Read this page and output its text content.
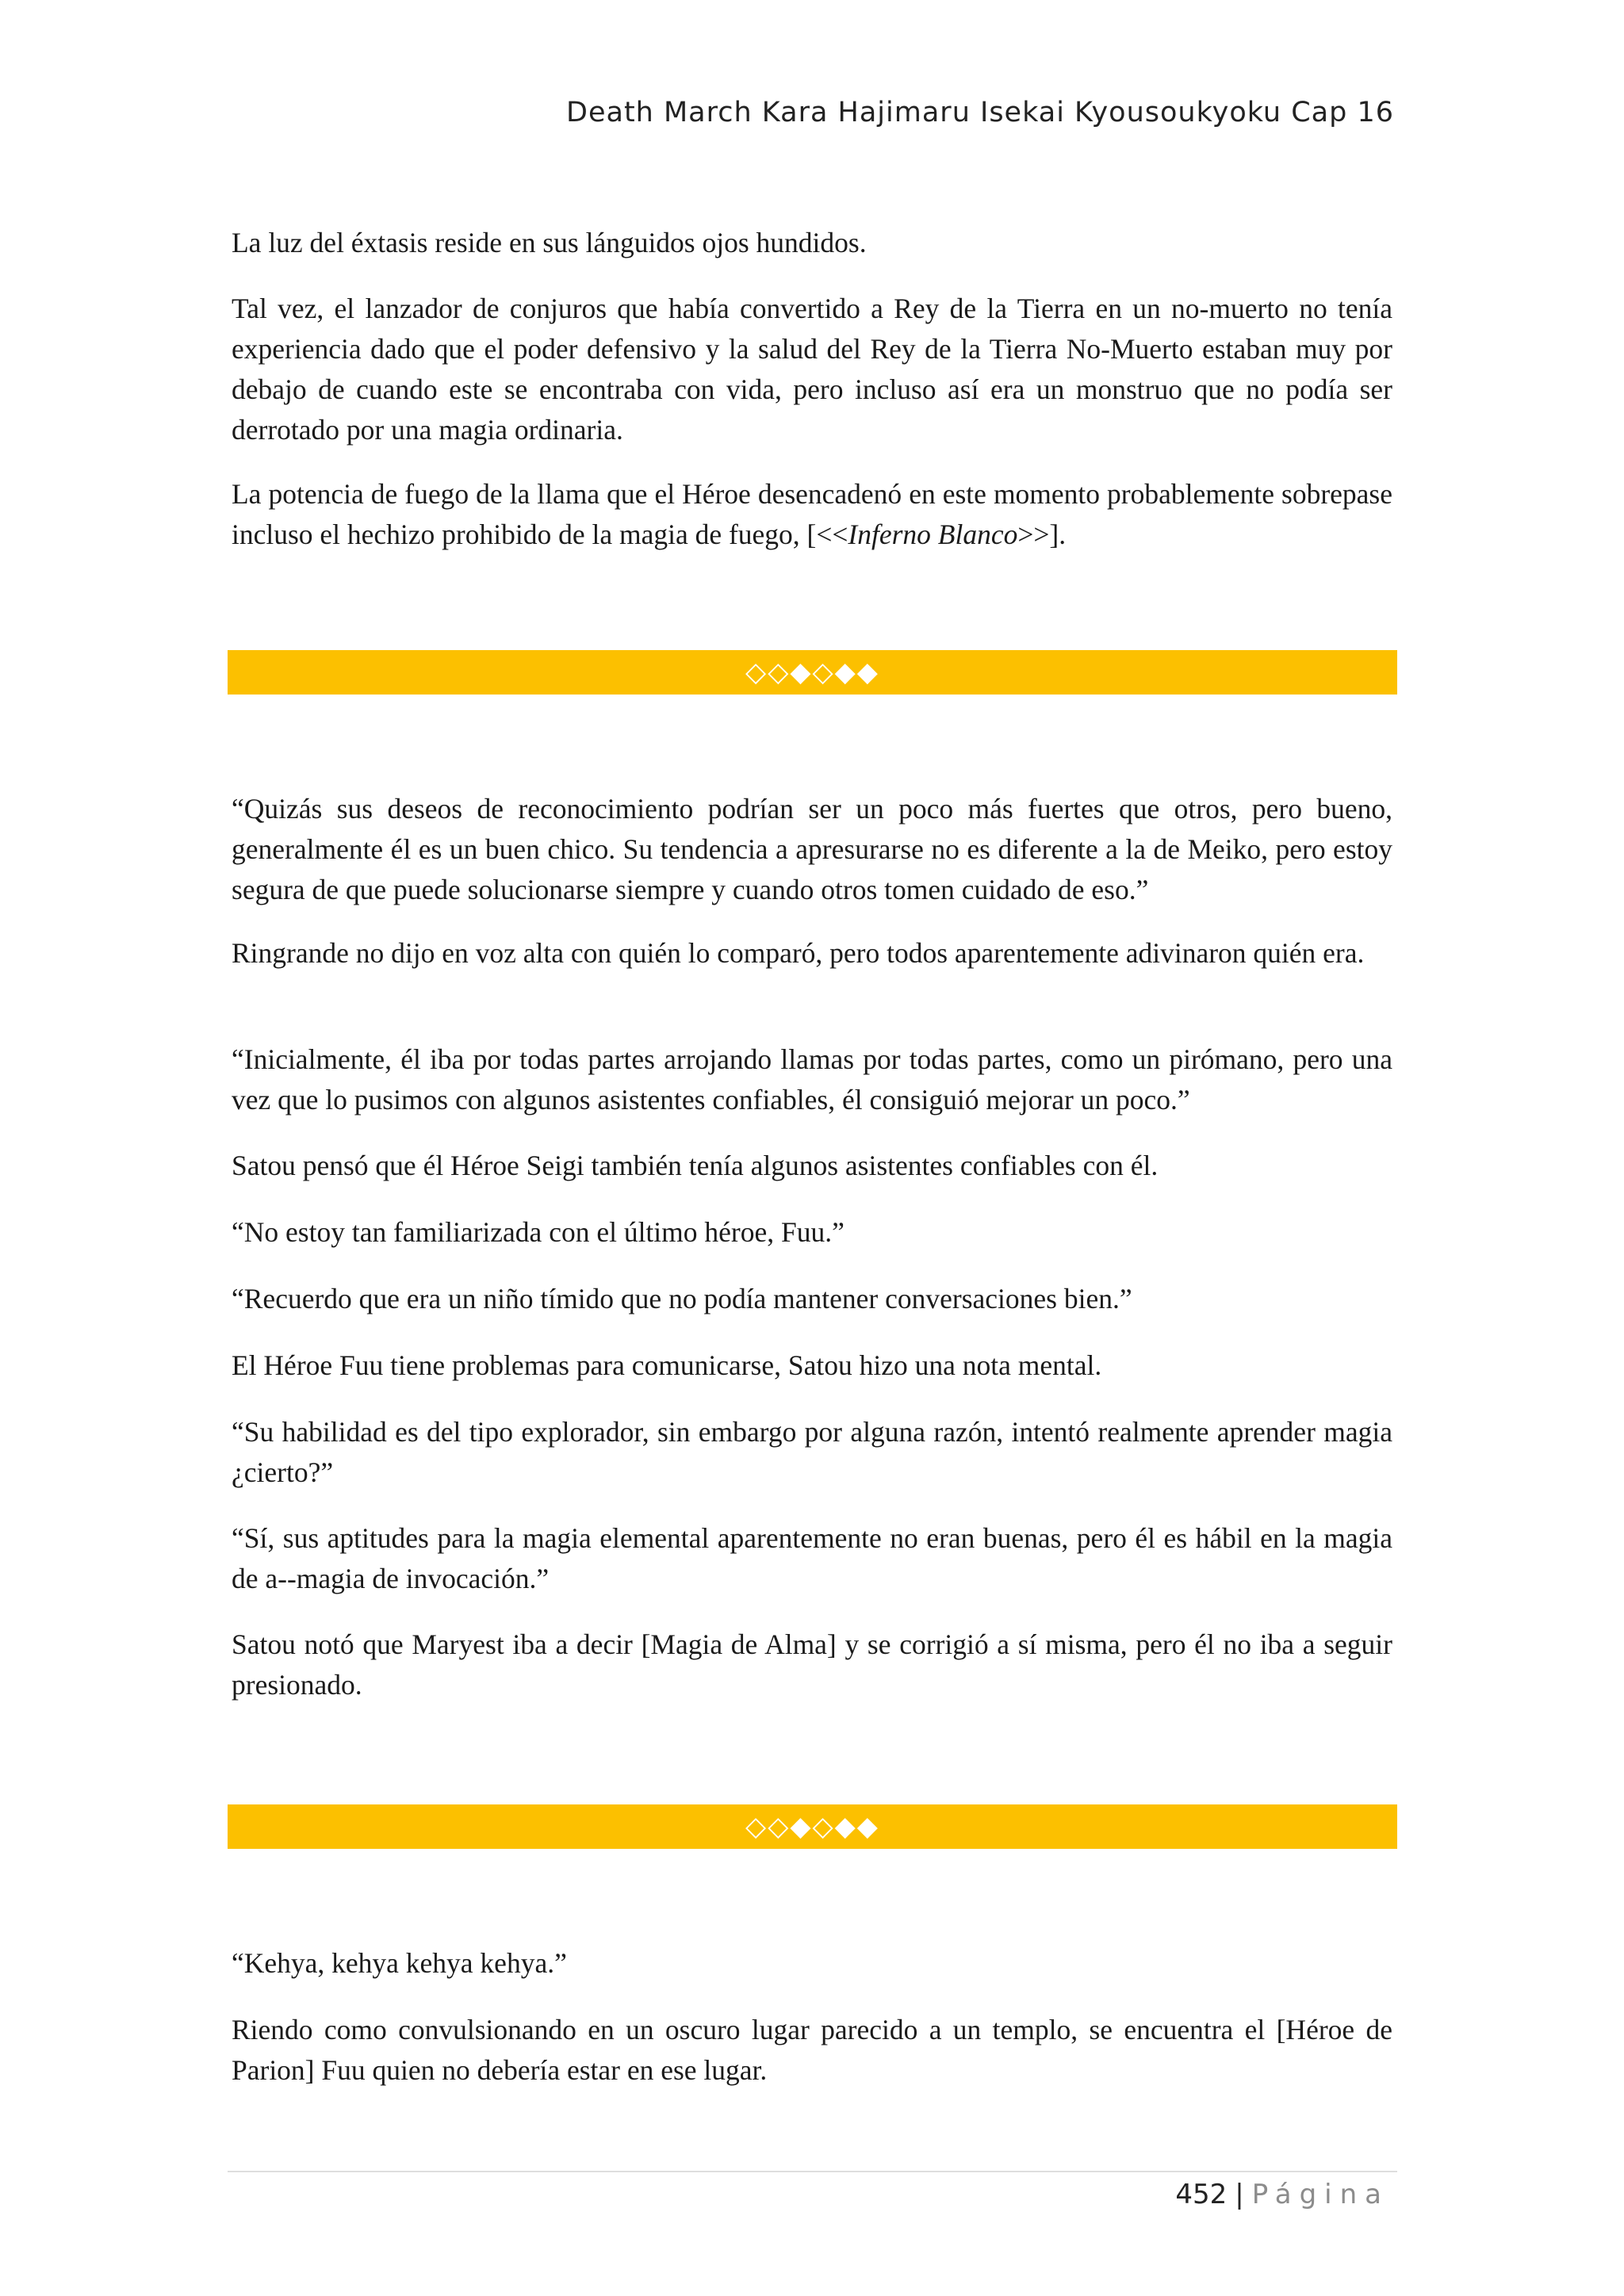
Death March Kara Hajimaru Isekai Kyousoukyoku Cap 16

La luz del éxtasis reside en sus lánguidos ojos hundidos.

Tal vez, el lanzador de conjuros que había convertido a Rey de la Tierra en un no-muerto no tenía experiencia dado que el poder defensivo y la salud del Rey de la Tierra No-Muerto estaban muy por debajo de cuando este se encontraba con vida, pero incluso así era un monstruo que no podía ser derrotado por una magia ordinaria.

La potencia de fuego de la llama que el Héroe desencadenó en este momento probablemente sobrepase incluso el hechizo prohibido de la magia de fuego, [<<Inferno Blanco>>].

◇◇◆◇◆◆

“Quizás sus deseos de reconocimiento podrían ser un poco más fuertes que otros, pero bueno, generalmente él es un buen chico. Su tendencia a apresurarse no es diferente a la de Meiko, pero estoy segura de que puede solucionarse siempre y cuando otros tomen cuidado de eso.”

Ringrande no dijo en voz alta con quién lo comparó, pero todos aparentemente adivinaron quién era.

“Inicialmente, él iba por todas partes arrojando llamas por todas partes, como un pirómano, pero una vez que lo pusimos con algunos asistentes confiables, él consiguió mejorar un poco.”

Satou pensó que él Héroe Seigi también tenía algunos asistentes confiables con él.

“No estoy tan familiarizada con el último héroe, Fuu.”

“Recuerdo que era un niño tímido que no podía mantener conversaciones bien.”

El Héroe Fuu tiene problemas para comunicarse, Satou hizo una nota mental.

“Su habilidad es del tipo explorador, sin embargo por alguna razón, intentó realmente aprender magia ¿cierto?”

“Sí, sus aptitudes para la magia elemental aparentemente no eran buenas, pero él es hábil en la magia de a--magia de invocación.”

Satou notó que Maryest iba a decir [Magia de Alma] y se corrigió a sí misma, pero él no iba a seguir presionado.

◇◇◆◇◆◆

“Kehya, kehya kehya kehya.”

Riendo como convulsionando en un oscuro lugar parecido a un templo, se encuentra el [Héroe de Parion] Fuu quien no debería estar en ese lugar.

452 | Página
